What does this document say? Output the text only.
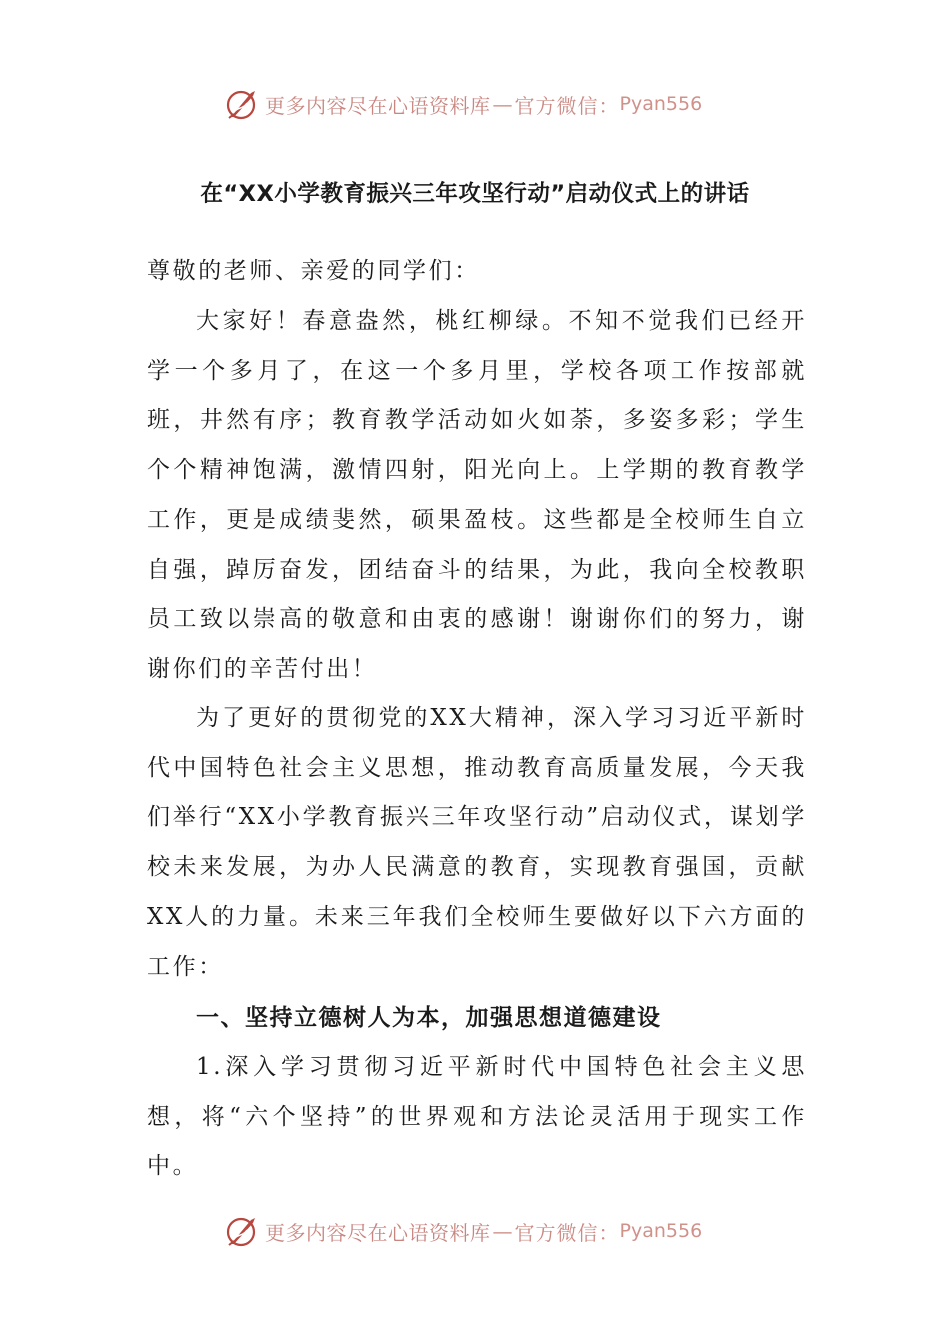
更多内容尽在心语资料库 — 官方微信： Pyan556
在“XX小学教育振兴三年攻坚行动”启动仪式上的讲话
尊敬的老师、亲爱的同学们：
大家好！春意盎然，桃红柳绿。不知不觉我们已经开学一个多月了，在这一个多月里，学校各项工作按部就班，井然有序；教育教学活动如火如荼，多姿多彩；学生个个精神饱满，激情四射，阳光向上。上学期的教育教学工作，更是成绩斐然，硕果盈枝。这些都是全校师生自立自强，踔厉奋发，团结奋斗的结果，为此，我向全校教职员工致以崇高的敬意和由衷的感谢！谢谢你们的努力，谢谢你们的辛苦付出！
为了更好的贯彻党的XX大精神，深入学习习近平新时代中国特色社会主义思想，推动教育高质量发展，今天我们举行“XX小学教育振兴三年攻坚行动”启动仪式，谋划学校未来发展，为办人民满意的教育，实现教育强国，贡献XX人的力量。未来三年我们全校师生要做好以下六方面的工作：
一、坚持立德树人为本，加强思想道德建设
1.深入学习贯彻习近平新时代中国特色社会主义思想，将“六个坚持”的世界观和方法论灵活用于现实工作中。
更多内容尽在心语资料库 — 官方微信： Pyan556
